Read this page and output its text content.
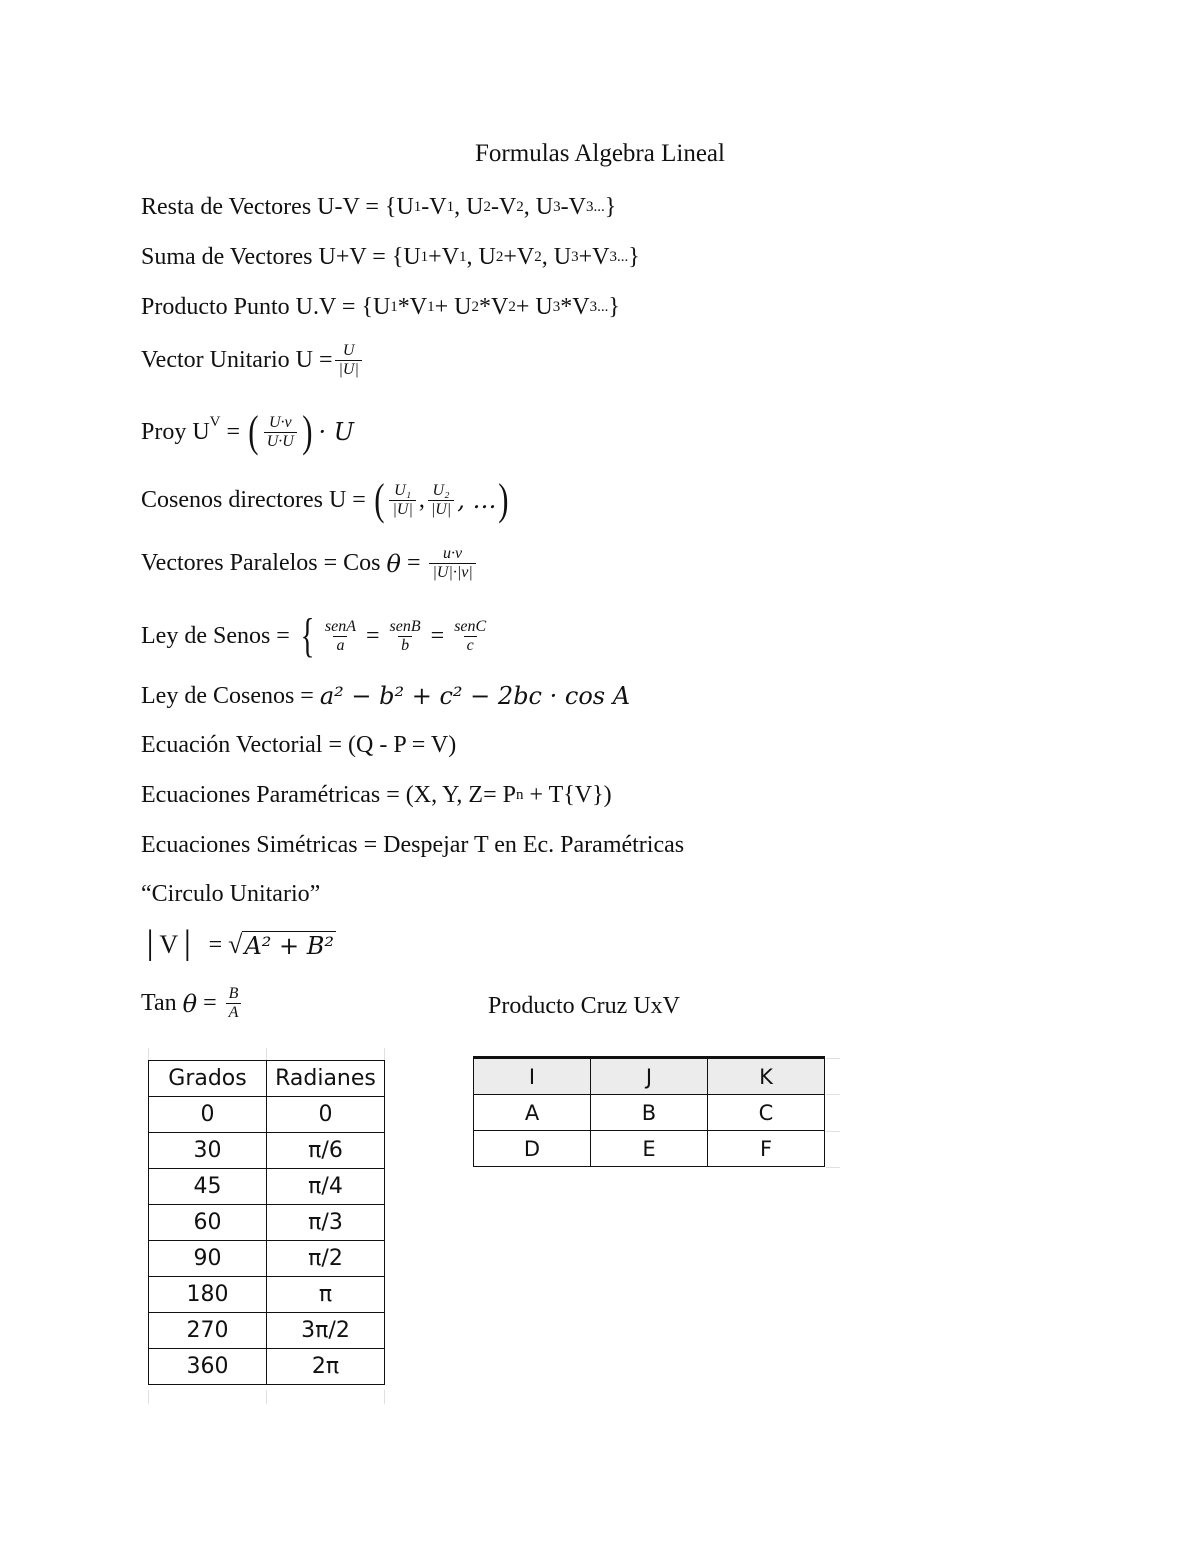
Formulas Algebra Lineal
Resta de Vectores U-V = {U 1 -V 1 , U 2 -V 2 , U 3 -V 3... }
Suma de Vectores U+V = {U 1 +V 1 , U 2 +V 2 , U 3 +V 3... }
Producto Punto U.V = {U 1 *V 1 + U 2 *V 2 + U 3 *V 3... }
Vector Unitario $U = \frac{U}{|U|}$
Proy $U^V$ = ( $\frac{U\cdot v}{U\cdot U}$ ) · U
Cosenos directores U = ( $\frac{\text{U₁}}{|U|}$ , $\frac{\text{U₂}}{|U|}$ , … )
Vectores Paralelos = Cos $\theta = \frac{u\cdot v}{|U|\cdot|v|}$
Ley de Senos = { $\frac{\text{senA}}{a} = \frac{\text{senB}}{b} = \frac{\text{senC}}{c}$
Ley de Cosenos = a² − b² + c² − 2bc · cos A
Ecuación Vectorial = (Q - P = V)
Ecuaciones Paramétricas = (X, Y, Z= P n + T{V})
Ecuaciones Simétricas = Despejar T en Ec. Paramétricas
“Circulo Unitario”
│V│ = √ A² + B²
Tan $\theta = \frac{B}{A}$	Producto Cruz UxV
Grados	Radianes
0	0
30	π/6
45	π/4
60	π/3
90	π/2
180	π
270	3π/2
360	2π
I	J	K
A	B	C
D	E	F
